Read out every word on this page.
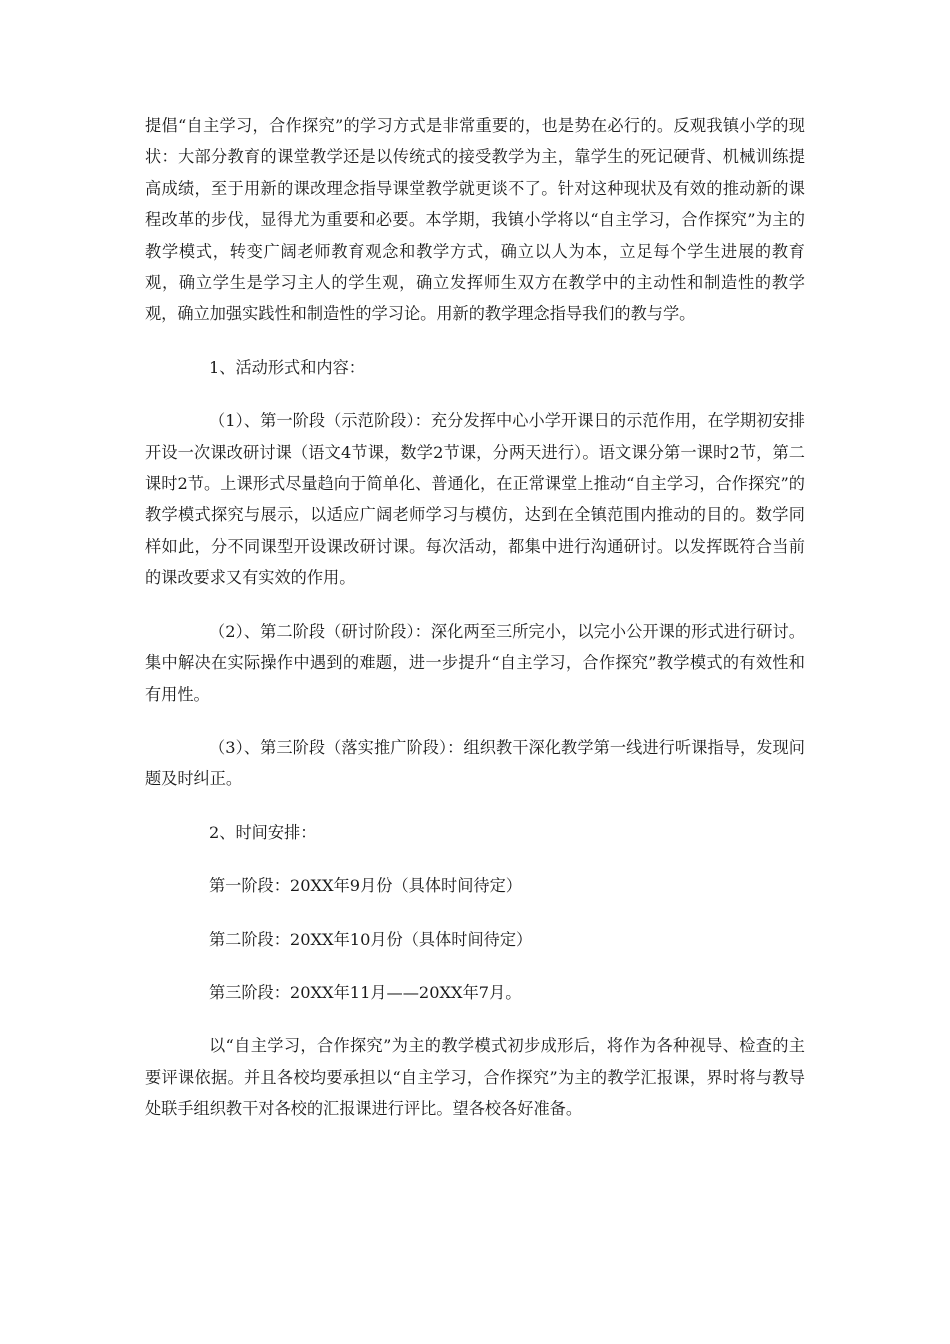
提倡“自主学习，合作探究”的学习方式是非常重要的，也是势在必行的。反观我镇小学的现状：大部分教育的课堂教学还是以传统式的接受教学为主，靠学生的死记硬背、机械训练提高成绩，至于用新的课改理念指导课堂教学就更谈不了。针对这种现状及有效的推动新的课程改革的步伐，显得尤为重要和必要。本学期，我镇小学将以“自主学习，合作探究”为主的教学模式，转变广阔老师教育观念和教学方式，确立以人为本，立足每个学生进展的教育观，确立学生是学习主人的学生观，确立发挥师生双方在教学中的主动性和制造性的教学观，确立加强实践性和制造性的学习论。用新的教学理念指导我们的教与学。

1、活动形式和内容：

（1）、第一阶段（示范阶段）：充分发挥中心小学开课日的示范作用，在学期初安排开设一次课改研讨课（语文4节课，数学2节课，分两天进行）。语文课分第一课时2节，第二课时2节。上课形式尽量趋向于简单化、普通化，在正常课堂上推动“自主学习，合作探究”的教学模式探究与展示，以适应广阔老师学习与模仿，达到在全镇范围内推动的目的。数学同样如此，分不同课型开设课改研讨课。每次活动，都集中进行沟通研讨。以发挥既符合当前的课改要求又有实效的作用。

（2）、第二阶段（研讨阶段）：深化两至三所完小，以完小公开课的形式进行研讨。集中解决在实际操作中遇到的难题，进一步提升“自主学习，合作探究”教学模式的有效性和有用性。

（3）、第三阶段（落实推广阶段）：组织教干深化教学第一线进行听课指导，发现问题及时纠正。

2、时间安排：

第一阶段：20XX年9月份（具体时间待定）

第二阶段：20XX年10月份（具体时间待定）

第三阶段：20XX年11月——20XX年7月。

以“自主学习，合作探究”为主的教学模式初步成形后，将作为各种视导、检查的主要评课依据。并且各校均要承担以“自主学习，合作探究”为主的教学汇报课，界时将与教导处联手组织教干对各校的汇报课进行评比。望各校各好准备。
